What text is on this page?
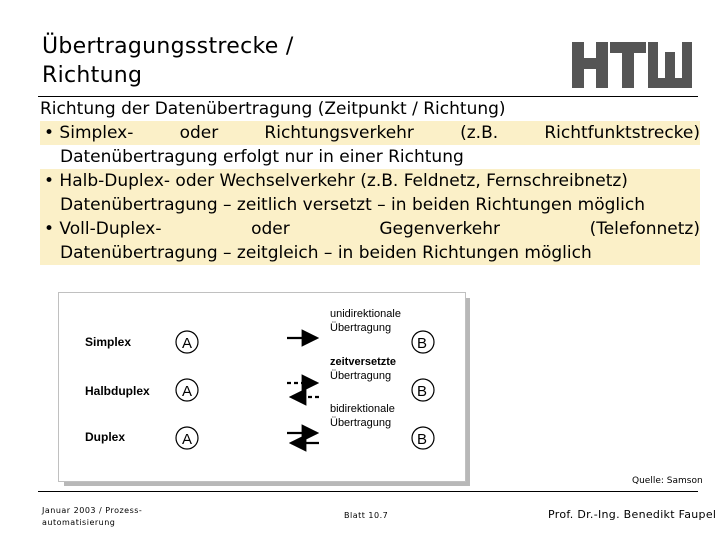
Übertragungsstrecke /
Richtung	HTW
Richtung der Datenübertragung (Zeitpunkt / Richtung)
• Simplex-	oder	Richtungsverkehr	(z.B.	Richtfunktstrecke)
Datenübertragung erfolgt nur in einer Richtung
• Halb-Duplex- oder Wechselverkehr (z.B. Feldnetz, Fernschreibnetz)
Datenübertragung – zeitlich versetzt – in beiden Richtungen möglich
• Voll-Duplex-	oder	Gegenverkehr	(Telefonnetz)
Datenübertragung – zeitgleich – in beiden Richtungen möglich
Simplex	A	B
unidirektionale
Übertragung
Halbduplex A	B
zeitversetzte
Übertragung
Duplex	A	B
bidirektionale
Übertragung
Quelle: Samson
Januar 2003 / Prozess-
automatisierung
Blatt 10.7	Prof. Dr.-Ing. Benedikt Faupel
